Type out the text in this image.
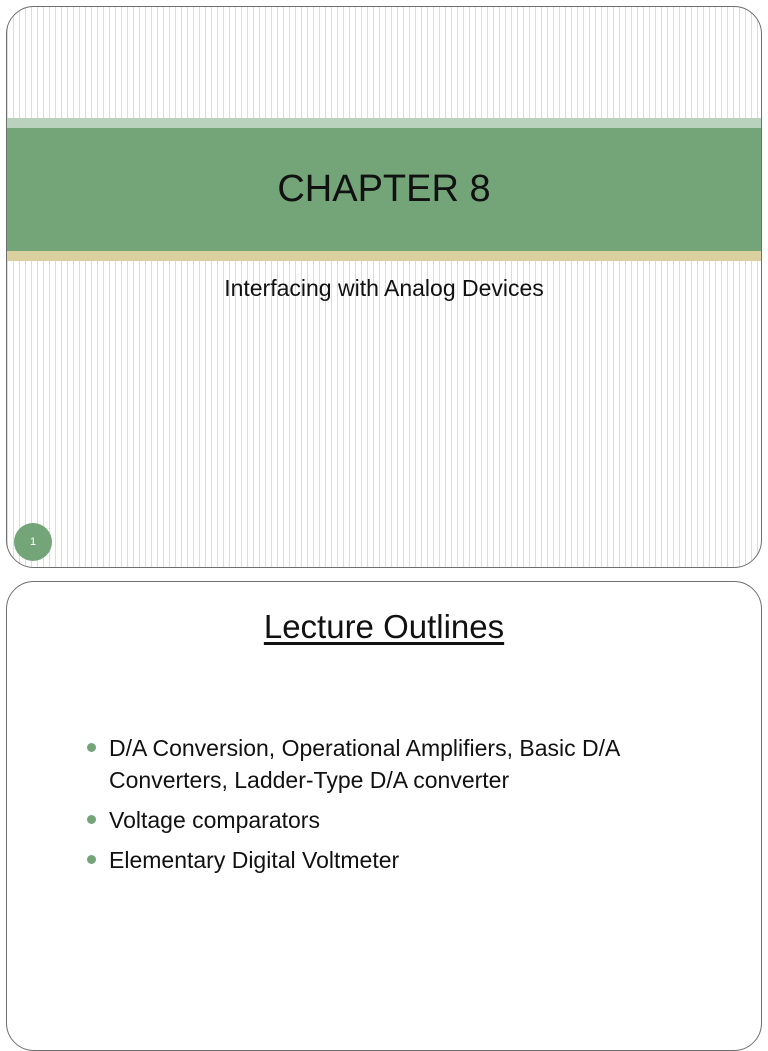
CHAPTER 8
Interfacing with Analog Devices
1
Lecture Outlines
D/A Conversion, Operational Amplifiers, Basic D/A Converters, Ladder-Type D/A converter
Voltage comparators
Elementary Digital Voltmeter
